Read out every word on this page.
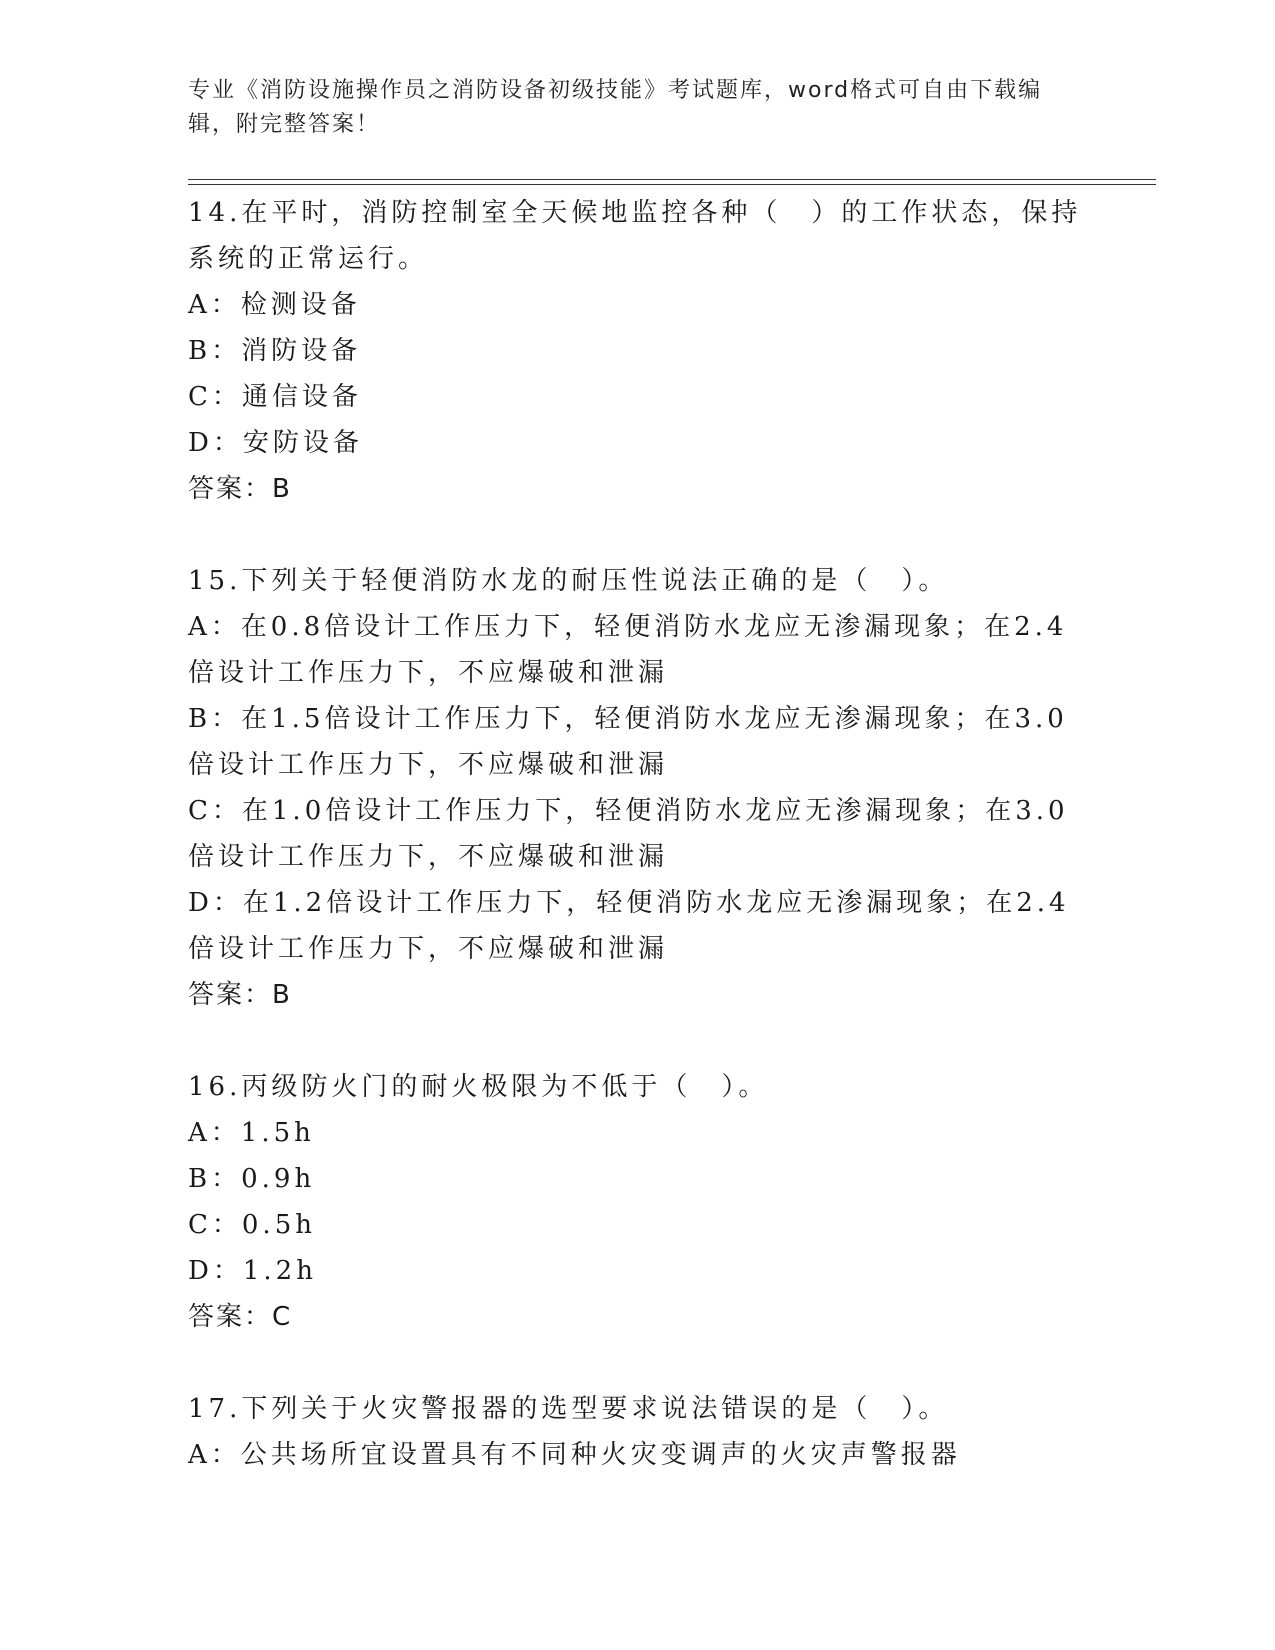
专业《消防设施操作员之消防设备初级技能》考试题库，word格式可自由下载编辑，附完整答案！

14.在平时，消防控制室全天候地监控各种（　）的工作状态，保持系统的正常运行。

A：检测设备

B：消防设备

C：通信设备

D：安防设备

答案：B

15.下列关于轻便消防水龙的耐压性说法正确的是（　）。

A：在0.8倍设计工作压力下，轻便消防水龙应无渗漏现象；在2.4倍设计工作压力下，不应爆破和泄漏

B：在1.5倍设计工作压力下，轻便消防水龙应无渗漏现象；在3.0倍设计工作压力下，不应爆破和泄漏

C：在1.0倍设计工作压力下，轻便消防水龙应无渗漏现象；在3.0倍设计工作压力下，不应爆破和泄漏

D：在1.2倍设计工作压力下，轻便消防水龙应无渗漏现象；在2.4倍设计工作压力下，不应爆破和泄漏

答案：B

16.丙级防火门的耐火极限为不低于（　）。

A：1.5h

B：0.9h

C：0.5h

D：1.2h

答案：C

17.下列关于火灾警报器的选型要求说法错误的是（　）。

A：公共场所宜设置具有不同种火灾变调声的火灾声警报器
